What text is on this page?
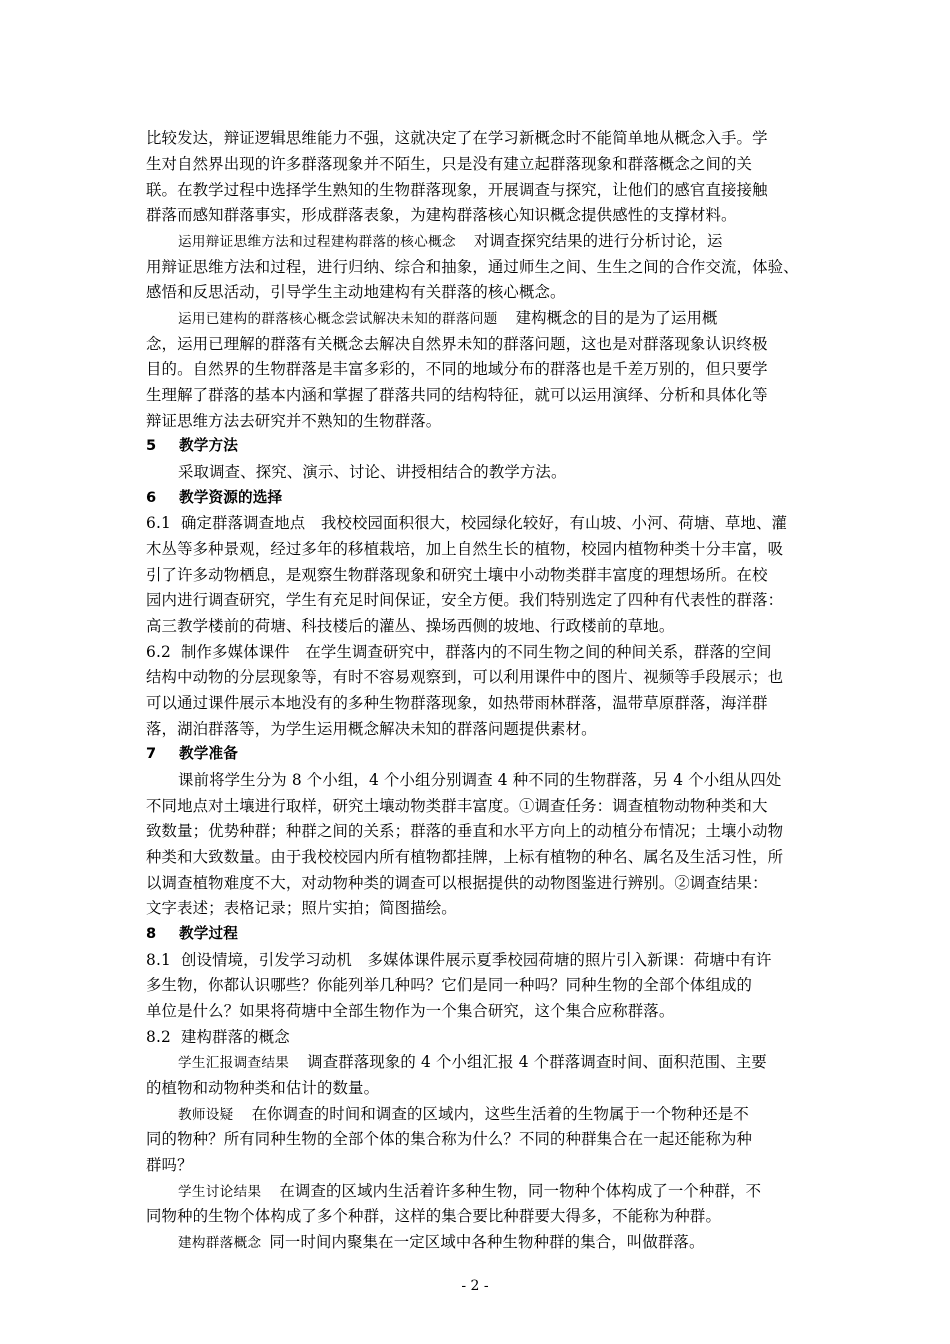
比较发达，辩证逻辑思维能力不强，这就决定了在学习新概念时不能简单地从概念入手。学
生对自然界出现的许多群落现象并不陌生，只是没有建立起群落现象和群落概念之间的关
联。在教学过程中选择学生熟知的生物群落现象，开展调查与探究，让他们的感官直接接触
群落而感知群落事实，形成群落表象，为建构群落核心知识概念提供感性的支撑材料。
运用辩证思维方法和过程建构群落的核心概念 对调查探究结果的进行分析讨论，运
用辩证思维方法和过程，进行归纳、综合和抽象，通过师生之间、生生之间的合作交流，体验、
感悟和反思活动，引导学生主动地建构有关群落的核心概念。
运用已建构的群落核心概念尝试解决未知的群落问题 建构概念的目的是为了运用概
念，运用已理解的群落有关概念去解决自然界未知的群落问题，这也是对群落现象认识终极
目的。自然界的生物群落是丰富多彩的，不同的地域分布的群落也是千差万别的，但只要学
生理解了群落的基本内涵和掌握了群落共同的结构特征，就可以运用演绎、分析和具体化等
辩证思维方法去研究并不熟知的生物群落。
5 教学方法
采取调查、探究、演示、讨论、讲授相结合的教学方法。
6 教学资源的选择
6.1 确定群落调查地点　我校校园面积很大，校园绿化较好，有山坡、小河、荷塘、草地、灌
木丛等多种景观，经过多年的移植栽培，加上自然生长的植物，校园内植物种类十分丰富，吸
引了许多动物栖息，是观察生物群落现象和研究土壤中小动物类群丰富度的理想场所。在校
园内进行调查研究，学生有充足时间保证，安全方便。我们特别选定了四种有代表性的群落：
高三教学楼前的荷塘、科技楼后的灌丛、操场西侧的坡地、行政楼前的草地。
6.2 制作多媒体课件　在学生调查研究中，群落内的不同生物之间的种间关系，群落的空间
结构中动物的分层现象等，有时不容易观察到，可以利用课件中的图片、视频等手段展示；也
可以通过课件展示本地没有的多种生物群落现象，如热带雨林群落，温带草原群落，海洋群
落，湖泊群落等，为学生运用概念解决未知的群落问题提供素材。
7 教学准备
课前将学生分为 8 个小组，4 个小组分别调查 4 种不同的生物群落，另 4 个小组从四处
不同地点对土壤进行取样，研究土壤动物类群丰富度。①调查任务：调查植物动物种类和大
致数量；优势种群；种群之间的关系；群落的垂直和水平方向上的动植分布情况；土壤小动物
种类和大致数量。由于我校校园内所有植物都挂牌，上标有植物的种名、属名及生活习性，所
以调查植物难度不大，对动物种类的调查可以根据提供的动物图鉴进行辨别。②调查结果：
文字表述；表格记录；照片实拍；简图描绘。
8 教学过程
8.1 创设情境，引发学习动机　多媒体课件展示夏季校园荷塘的照片引入新课：荷塘中有许
多生物，你都认识哪些？你能列举几种吗？它们是同一种吗？同种生物的全部个体组成的
单位是什么？如果将荷塘中全部生物作为一个集合研究，这个集合应称群落。
8.2 建构群落的概念
学生汇报调查结果 调查群落现象的 4 个小组汇报 4 个群落调查时间、面积范围、主要
的植物和动物种类和估计的数量。
教师设疑 在你调查的时间和调查的区域内，这些生活着的生物属于一个物种还是不
同的物种？所有同种生物的全部个体的集合称为什么？不同的种群集合在一起还能称为种
群吗？
学生讨论结果 在调查的区域内生活着许多种生物，同一物种个体构成了一个种群，不
同物种的生物个体构成了多个种群，这样的集合要比种群要大得多，不能称为种群。
建构群落概念 同一时间内聚集在一定区域中各种生物种群的集合，叫做群落。
- 2 -
